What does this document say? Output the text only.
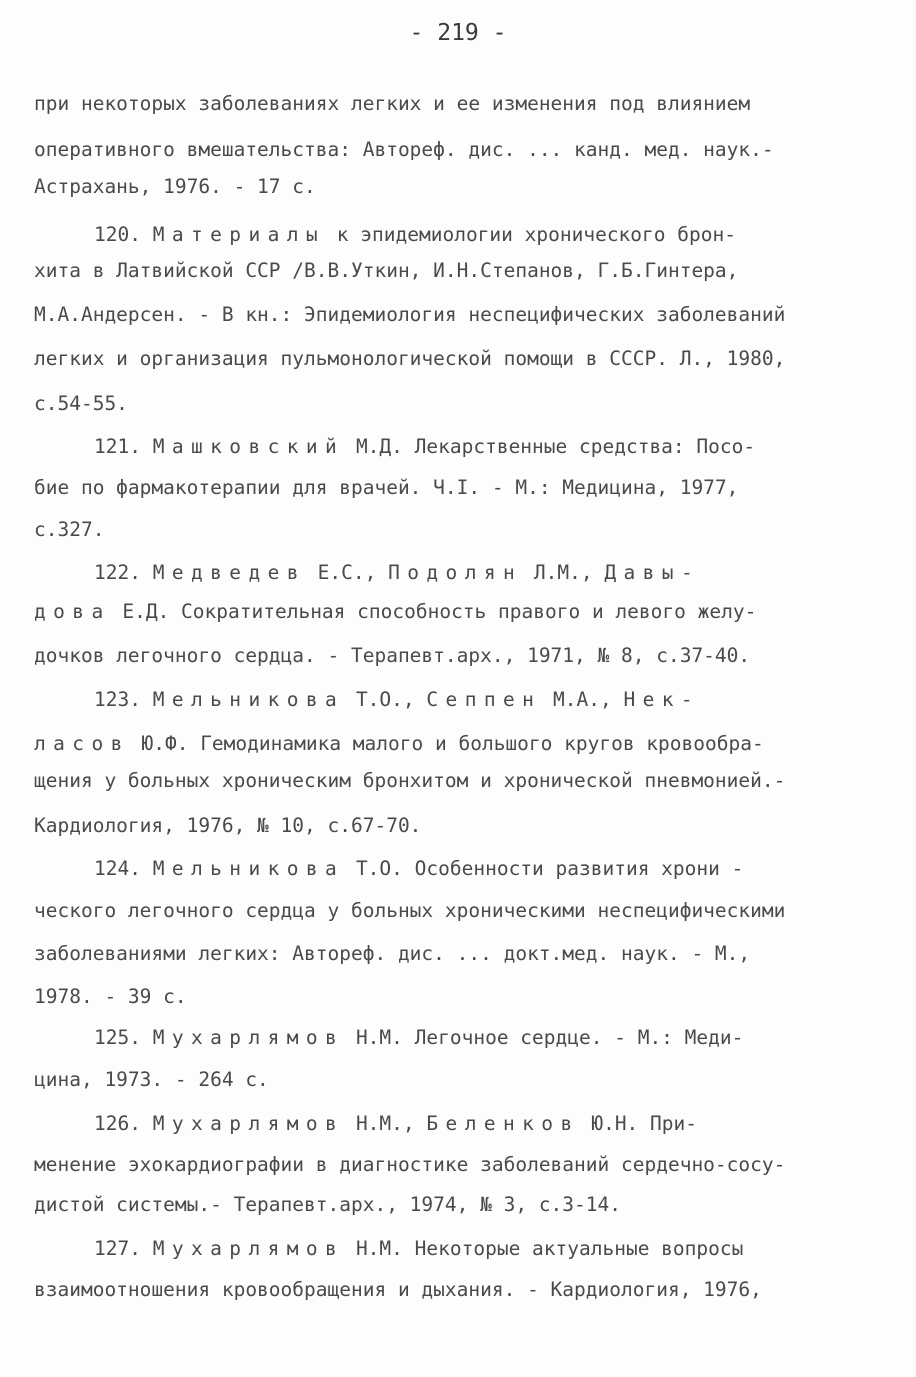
- 219 -
при некоторых заболеваниях легких и ее изменения под влиянием
оперативного вмешательства: Автореф. дис. ... канд. мед. наук.-
Астрахань, 1976. - 17 с.
120. Материалы к эпидемиологии хронического брон-
хита в Латвийской ССР /В.В.Уткин, И.Н.Степанов, Г.Б.Гинтера,
М.А.Андерсен. - В кн.: Эпидемиология неспецифических заболеваний
легких и организация пульмонологической помощи в СССР. Л., 1980,
с.54-55.
121. Машковский М.Д. Лекарственные средства: Посо-
бие по фармакотерапии для врачей. Ч.I. - М.: Медицина, 1977,
с.327.
122. Медведев Е.С., Подолян Л.М., Давы-
дова Е.Д. Сократительная способность правого и левого желу-
дочков легочного сердца. - Терапевт.арх., 1971, № 8, с.37-40.
123. Мельникова Т.О., Сеппен М.А., Нек-
ласов Ю.Ф. Гемодинамика малого и большого кругов кровообра-
щения у больных хроническим бронхитом и хронической пневмонией.-
Кардиология, 1976, № 10, с.67-70.
124. Мельникова Т.О. Особенности развития хрони -
ческого легочного сердца у больных хроническими неспецифическими
заболеваниями легких: Автореф. дис. ... докт.мед. наук. - М.,
1978. - 39 с.
125. Мухарлямов Н.М. Легочное сердце. - М.: Меди-
цина, 1973. - 264 с.
126. Мухарлямов Н.М., Беленков Ю.Н. При-
менение эхокардиографии в диагностике заболеваний сердечно-сосу-
дистой системы.- Терапевт.арх., 1974, № 3, с.3-14.
127. Мухарлямов Н.М. Некоторые актуальные вопросы
взаимоотношения кровообращения и дыхания. - Кардиология, 1976,
